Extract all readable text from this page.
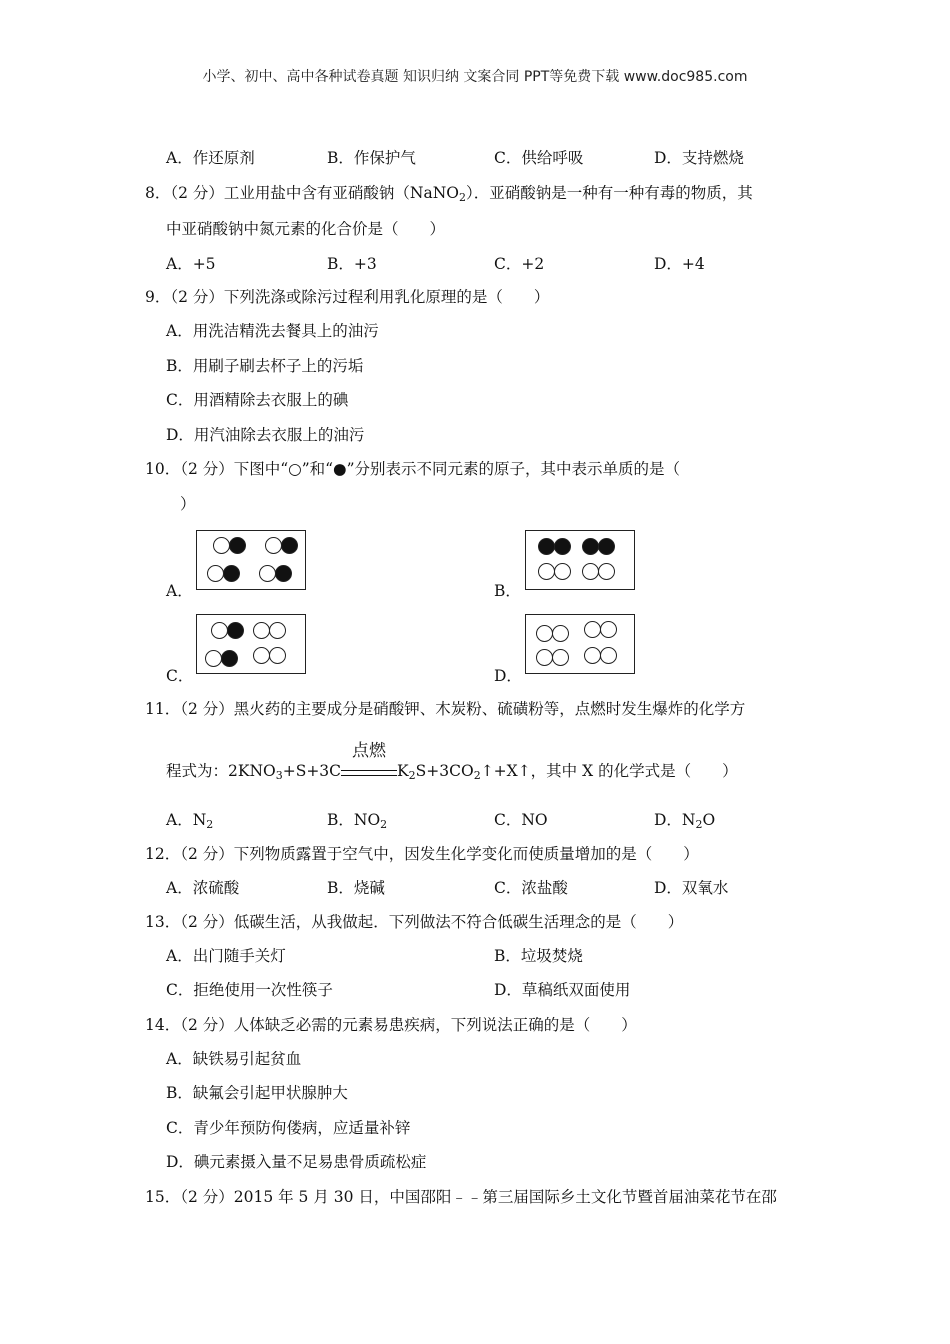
小学、初中、高中各种试卷真题 知识归纳 文案合同 PPT等免费下载 www.doc985.com
A．作还原剂	B．作保护气	C．供给呼吸	D．支持燃烧
8．（2 分）工业用盐中含有亚硝酸钠（NaNO$_2$）．亚硝酸钠是一种有一种有毒的物质，其
中亚硝酸钠中氮元素的化合价是（　　）
A．+5	B．+3	C．+2	D．+4
9．（2 分）下列洗涤或除污过程利用乳化原理的是（　　）
A．用洗洁精洗去餐具上的油污
B．用刷子刷去杯子上的污垢
C．用酒精除去衣服上的碘
D．用汽油除去衣服上的油污
10．（2 分）下图中“○”和“●”分别表示不同元素的原子，其中表示单质的是（
）
A．	B．
C．	D．
11．（2 分）黑火药的主要成分是硝酸钾、木炭粉、硫磺粉等，点燃时发生爆炸的化学方
程式为：$2KNO_3+S+3C$
点燃
$K_2S+3CO_2↑+X↑$，其中 X 的化学式是（　　）
A．$N_2$	B．$NO_2$	C．NO	D．$N_2O$
12．（2 分）下列物质露置于空气中，因发生化学变化而使质量增加的是（　　）
A．浓硫酸	B．烧碱	C．浓盐酸	D．双氧水
13．（2 分）低碳生活，从我做起．下列做法不符合低碳生活理念的是（　　）
A．出门随手关灯	B．垃圾焚烧
C．拒绝使用一次性筷子	D．草稿纸双面使用
14．（2 分）人体缺乏必需的元素易患疾病，下列说法正确的是（　　）
A．缺铁易引起贫血
B．缺氟会引起甲状腺肿大
C．青少年预防佝偻病，应适量补锌
D．碘元素摄入量不足易患骨质疏松症
15．（2 分）2015 年 5 月 30 日，中国邵阳﹣﹣第三届国际乡土文化节暨首届油菜花节在邵
